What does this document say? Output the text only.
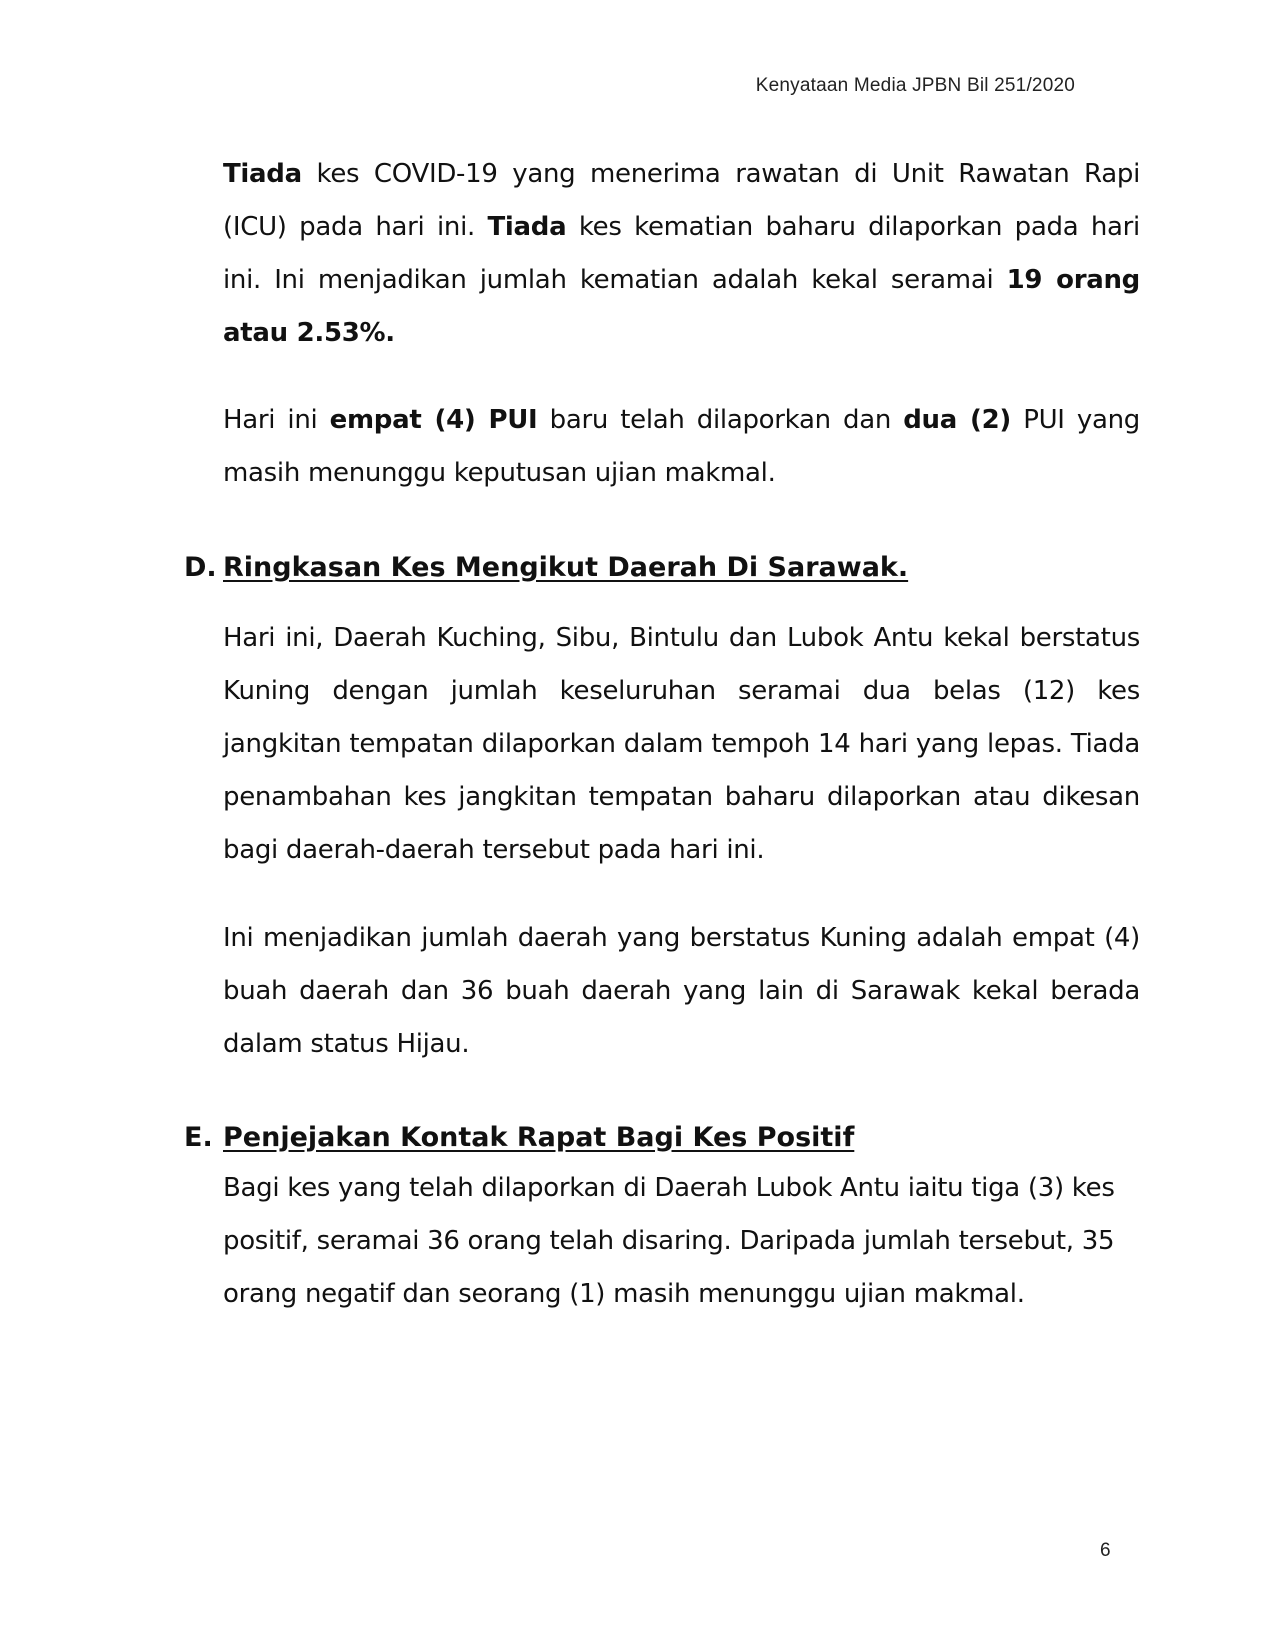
Kenyataan Media JPBN Bil 251/2020
Tiada kes COVID-19 yang menerima rawatan di Unit Rawatan Rapi (ICU) pada hari ini. Tiada kes kematian baharu dilaporkan pada hari ini. Ini menjadikan jumlah kematian adalah kekal seramai 19 orang atau 2.53%.
Hari ini empat (4) PUI baru telah dilaporkan dan dua (2) PUI yang masih menunggu keputusan ujian makmal.
D. Ringkasan Kes Mengikut Daerah Di Sarawak.
Hari ini, Daerah Kuching, Sibu, Bintulu dan Lubok Antu kekal berstatus Kuning dengan jumlah keseluruhan seramai dua belas (12) kes jangkitan tempatan dilaporkan dalam tempoh 14 hari yang lepas. Tiada penambahan kes jangkitan tempatan baharu dilaporkan atau dikesan bagi daerah-daerah tersebut pada hari ini.
Ini menjadikan jumlah daerah yang berstatus Kuning adalah empat (4) buah daerah dan 36 buah daerah yang lain di Sarawak kekal berada dalam status Hijau.
E. Penjejakan Kontak Rapat Bagi Kes Positif
Bagi kes yang telah dilaporkan di Daerah Lubok Antu iaitu tiga (3) kes
positif, seramai 36 orang telah disaring. Daripada jumlah tersebut, 35
orang negatif dan seorang (1) masih menunggu ujian makmal.
6
